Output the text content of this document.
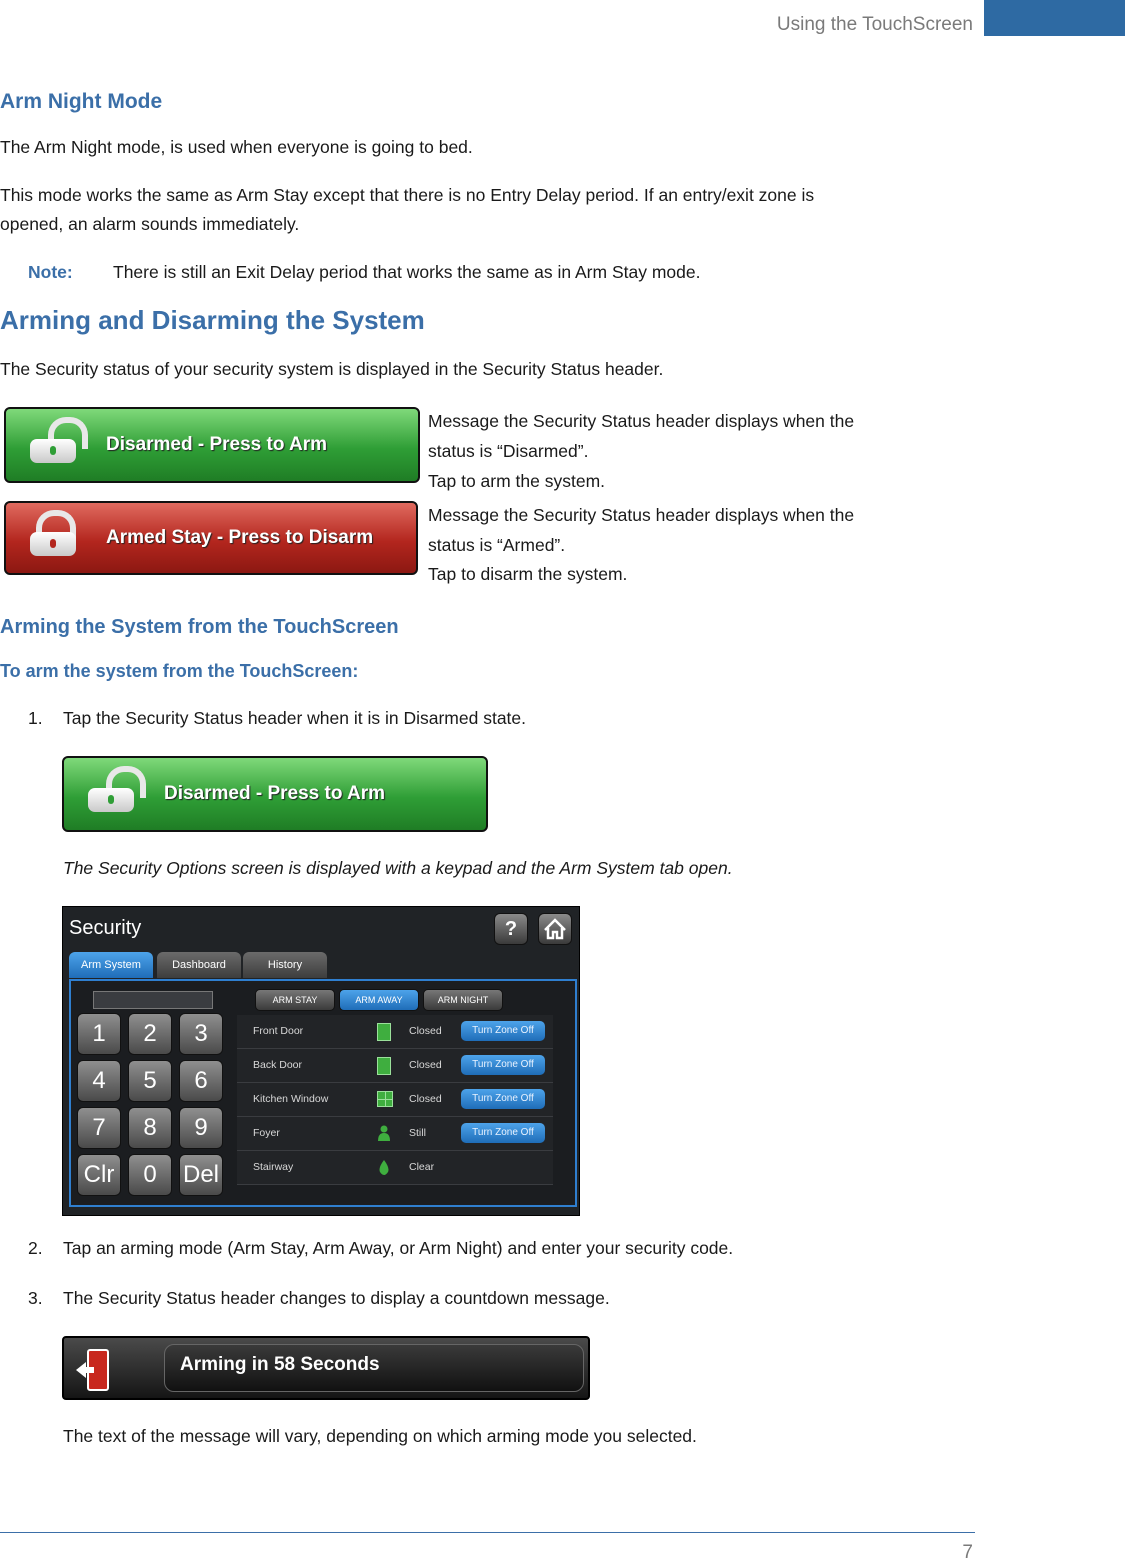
Using the TouchScreen
Arm Night Mode
The Arm Night mode, is used when everyone is going to bed.
This mode works the same as Arm Stay except that there is no Entry Delay period. If an entry/exit zone is
opened, an alarm sounds immediately.
Note: There is still an Exit Delay period that works the same as in Arm Stay mode.
Arming and Disarming the System
The Security status of your security system is displayed in the Security Status header.
Disarmed - Press to Arm
Message the Security Status header displays when the
status is “Disarmed”.
Tap to arm the system.
Armed Stay - Press to Disarm
Message the Security Status header displays when the
status is “Armed”.
Tap to disarm the system.
Arming the System from the TouchScreen
To arm the system from the TouchScreen:
1. Tap the Security Status header when it is in Disarmed state.
Disarmed - Press to Arm
The Security Options screen is displayed with a keypad and the Arm System tab open.
Security	?
Arm System	Dashboard	History
1	2	3
4	5	6
7	8	9
Clr	0	Del
ARM STAY	ARM AWAY	ARM NIGHT
Front Door	Closed	Turn Zone Off
Back Door	Closed	Turn Zone Off
Kitchen Window	Closed	Turn Zone Off
Foyer	Still	Turn Zone Off
Stairway	Clear
2. Tap an arming mode (Arm Stay, Arm Away, or Arm Night) and enter your security code.
3. The Security Status header changes to display a countdown message.
Arming in 58 Seconds
The text of the message will vary, depending on which arming mode you selected.
7
